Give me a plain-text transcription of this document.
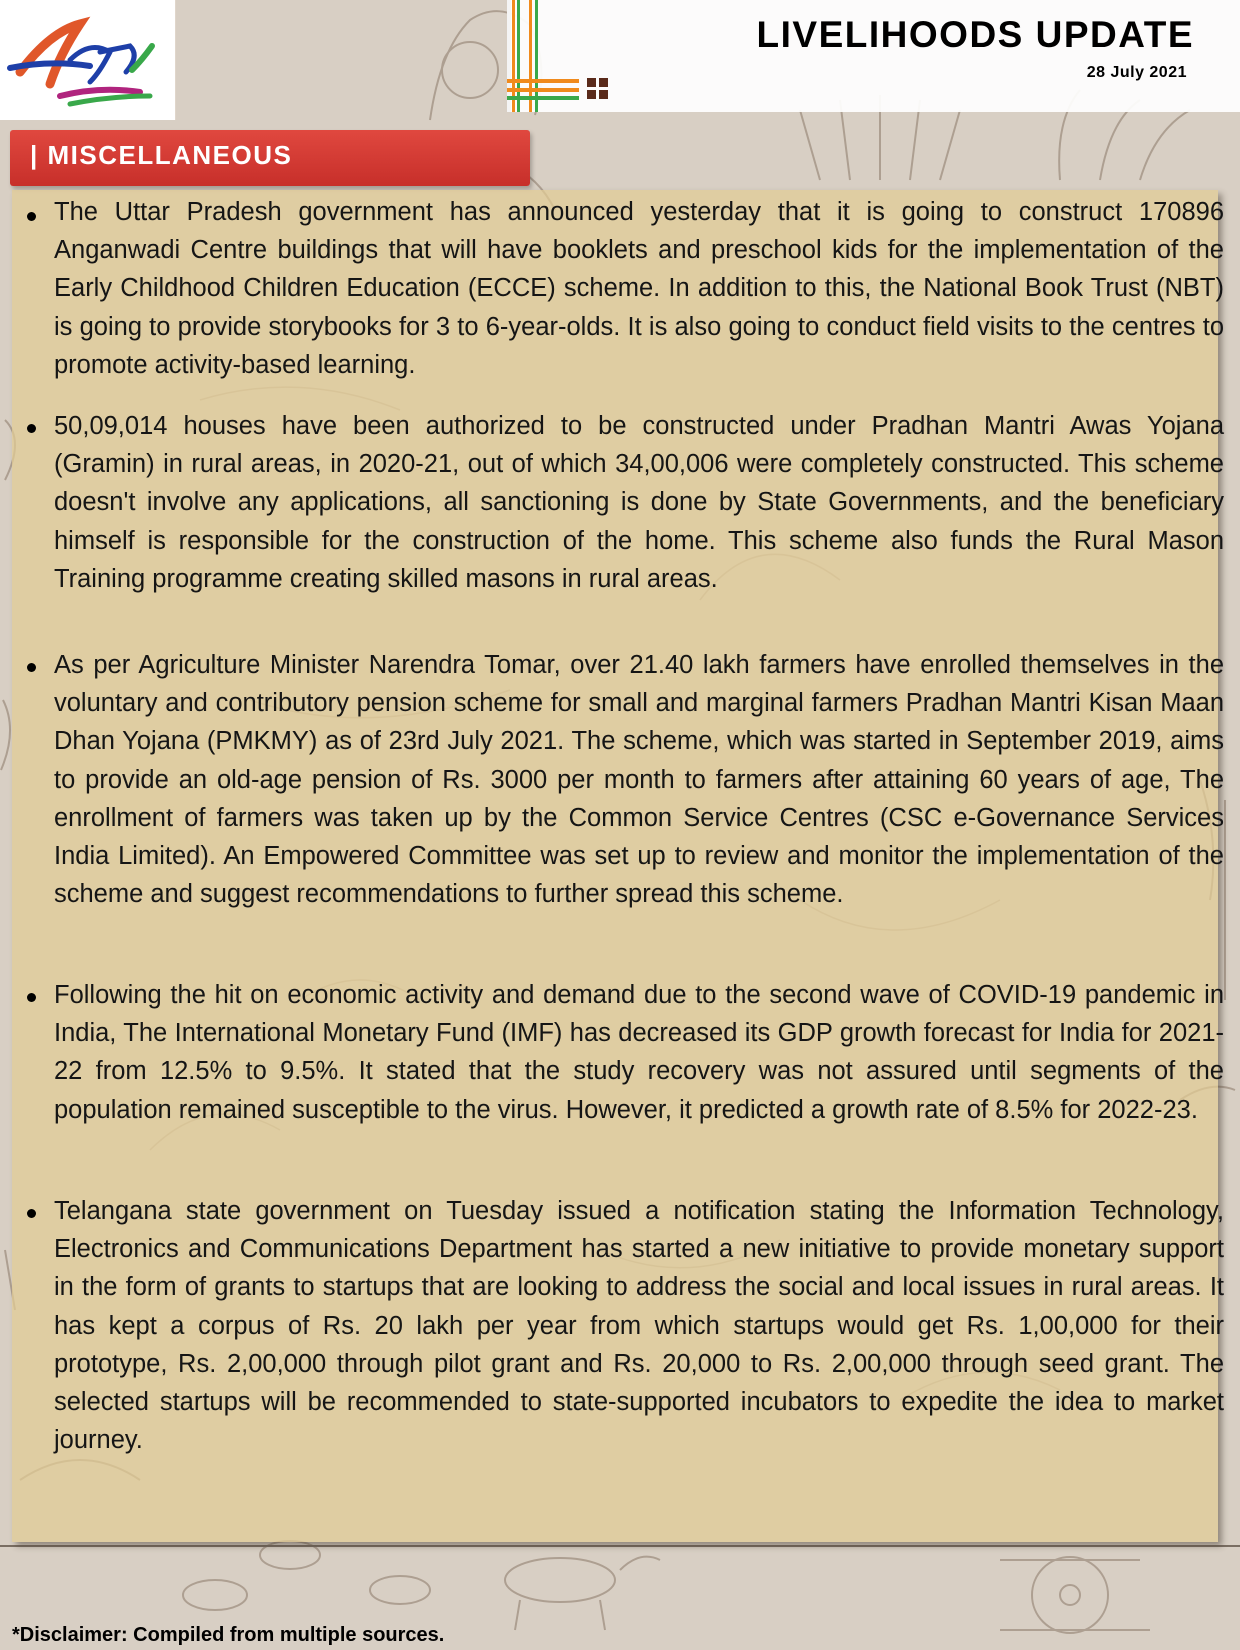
LIVELIHOODS UPDATE
28 July 2021
| MISCELLANEOUS
The Uttar Pradesh government has announced yesterday that it is going to construct 170896 Anganwadi Centre buildings that will have booklets and preschool kids for the implementation of the Early Childhood Children Education (ECCE) scheme. In addition to this, the National Book Trust (NBT) is going to provide storybooks for 3 to 6-year-olds. It is also going to conduct field visits to the centres to promote activity-based learning.
50,09,014 houses have been authorized to be constructed under Pradhan Mantri Awas Yojana (Gramin) in rural areas, in 2020-21, out of which 34,00,006 were completely constructed. This scheme doesn't involve any applications, all sanctioning is done by State Governments, and the beneficiary himself is responsible for the construction of the home. This scheme also funds the Rural Mason Training programme creating skilled masons in rural areas.
As per Agriculture Minister Narendra Tomar, over 21.40 lakh farmers have enrolled themselves in the voluntary and contributory pension scheme for small and marginal farmers Pradhan Mantri Kisan Maan Dhan Yojana (PMKMY) as of 23rd July 2021. The scheme, which was started in September 2019, aims to provide an old-age pension of Rs. 3000 per month to farmers after attaining 60 years of age, The enrollment of farmers was taken up by the Common Service Centres (CSC e-Governance Services India Limited). An Empowered Committee was set up to review and monitor the implementation of the scheme and suggest recommendations to further spread this scheme.
Following the hit on economic activity and demand due to the second wave of COVID-19 pandemic in India, The International Monetary Fund (IMF) has decreased its GDP growth forecast for India for 2021-22 from 12.5% to 9.5%. It stated that the study recovery was not assured until segments of the population remained susceptible to the virus. However, it predicted a growth rate of 8.5% for 2022-23.
Telangana state government on Tuesday issued a notification stating the Information Technology, Electronics and Communications Department has started a new initiative to provide monetary support in the form of grants to startups that are looking to address the social and local issues in rural areas. It has kept a corpus of Rs. 20 lakh per year from which startups would get Rs. 1,00,000 for their prototype, Rs. 2,00,000 through pilot grant and Rs. 20,000 to Rs. 2,00,000 through seed grant. The selected startups will be recommended to state-supported incubators to expedite the idea to market journey.
*Disclaimer: Compiled from multiple sources.
